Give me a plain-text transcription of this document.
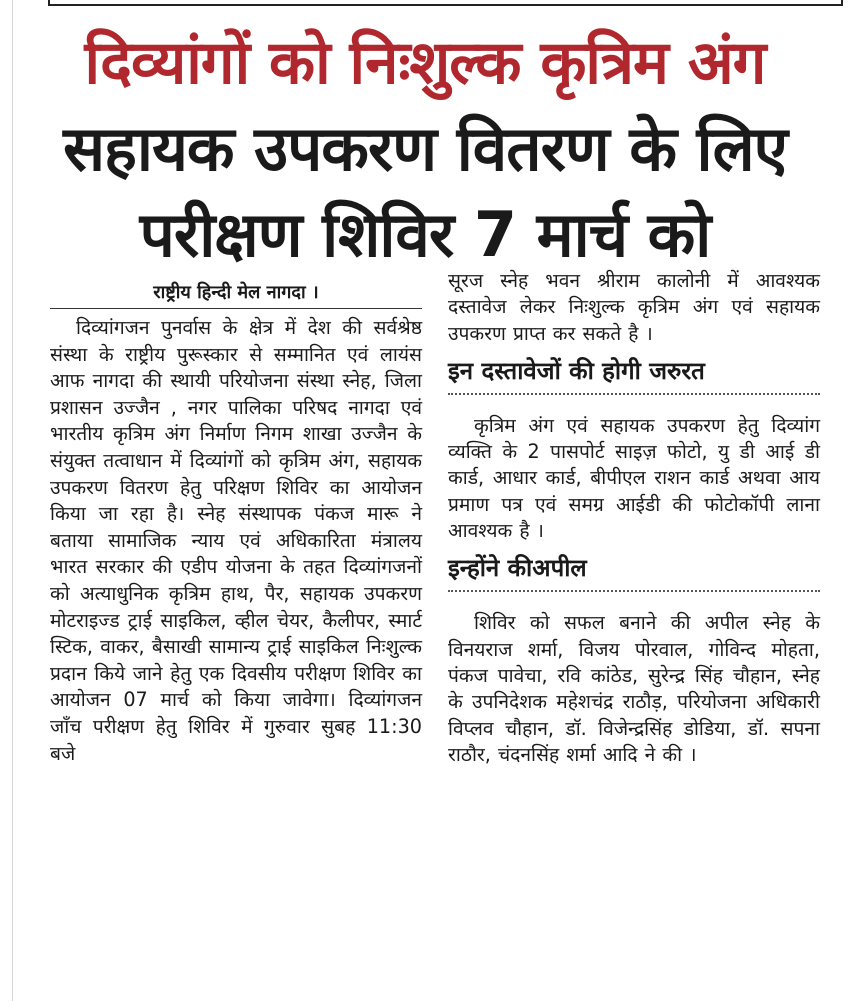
दिव्यांगों को निःशुल्क कृत्रिम अंग
सहायक उपकरण वितरण के लिए
परीक्षण शिविर 7 मार्च को
राष्ट्रीय हिन्दी मेल नागदा ।

दिव्यांगजन पुनर्वास के क्षेत्र में देश की सर्वश्रेष्ठ संस्था के राष्ट्रीय पुरूस्कार से सम्मानित एवं लायंस आफ नागदा की स्थायी परियोजना संस्था स्नेह, जिला प्रशासन उज्जैन , नगर पालिका परिषद नागदा एवं भारतीय कृत्रिम अंग निर्माण निगम शाखा उज्जैन के संयुक्त तत्वाधान में दिव्यांगों को कृत्रिम अंग, सहायक उपकरण वितरण हेतु परिक्षण शिविर का आयोजन किया जा रहा है। स्नेह संस्थापक पंकज मारू ने बताया सामाजिक न्याय एवं अधिकारिता मंत्रालय भारत सरकार की एडीप योजना के तहत दिव्यांगजनों को अत्याधुनिक कृत्रिम हाथ, पैर, सहायक उपकरण मोटराइज्ड ट्राई साइकिल, व्हील चेयर, कैलीपर, स्मार्ट स्टिक, वाकर, बैसाखी सामान्य ट्राई साइकिल निःशुल्क प्रदान किये जाने हेतु एक दिवसीय परीक्षण शिविर का आयोजन 07 मार्च को किया जावेगा। दिव्यांगजन जाँच परीक्षण हेतु शिविर में गुरुवार सुबह 11:30 बजे

सूरज स्नेह भवन श्रीराम कालोनी में आवश्यक दस्तावेज लेकर निःशुल्क कृत्रिम अंग एवं सहायक उपकरण प्राप्त कर सकते है ।

इन दस्तावेजों की होगी जरुरत

कृत्रिम अंग एवं सहायक उपकरण हेतु दिव्यांग व्यक्ति के 2 पासपोर्ट साइज़ फोटो, यु डी आई डी कार्ड, आधार कार्ड, बीपीएल राशन कार्ड अथवा आय प्रमाण पत्र एवं समग्र आईडी की फोटोकॉपी लाना आवश्यक है ।

इन्होंने कीअपील

शिविर को सफल बनाने की अपील स्नेह के विनयराज शर्मा, विजय पोरवाल, गोविन्द मोहता, पंकज पावेचा, रवि कांठेड, सुरेन्द्र सिंह चौहान, स्नेह के उपनिदेशक महेशचंद्र राठौड़, परियोजना अधिकारी विप्लव चौहान, डॉ. विजेन्द्रसिंह डोडिया, डॉ. सपना राठौर, चंदनसिंह शर्मा आदि ने की ।
